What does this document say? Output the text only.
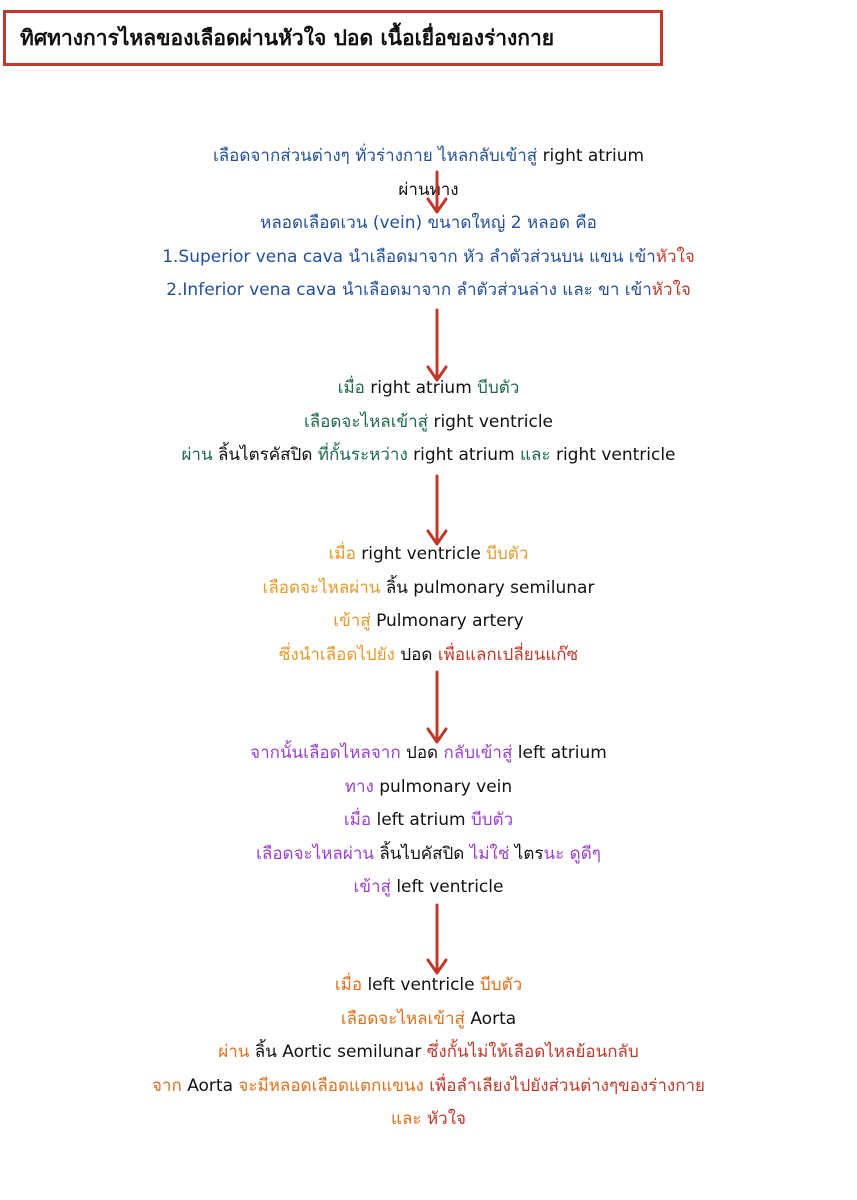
ทิศทางการไหลของเลือดผ่านหัวใจ ปอด เนื้อเยื่อของร่างกาย
เลือดจากส่วนต่างๆ ทั่วร่างกาย ไหลกลับเข้าสู่ right atrium
ผ่านทาง
หลอดเลือดเวน (vein) ขนาดใหญ่ 2 หลอด คือ
1.Superior vena cava นำเลือดมาจาก หัว ลำตัวส่วนบน แขน เข้าหัวใจ
2.Inferior vena cava นำเลือดมาจาก ลำตัวส่วนล่าง และ ขา เข้าหัวใจ
เมื่อ right atrium บีบตัว
เลือดจะไหลเข้าสู่ right ventricle
ผ่าน ลิ้นไตรคัสปิด ที่กั้นระหว่าง right atrium และ right ventricle
เมื่อ right ventricle บีบตัว
เลือดจะไหลผ่าน ลิ้น pulmonary semilunar
เข้าสู่ Pulmonary artery
ซึ่งนำเลือดไปยัง ปอด เพื่อแลกเปลี่ยนแก๊ซ
จากนั้นเลือดไหลจาก ปอด กลับเข้าสู่ left atrium
ทาง pulmonary vein
เมื่อ left atrium บีบตัว
เลือดจะไหลผ่าน ลิ้นไบคัสปิด ไม่ใช่ ไตรนะ ดูดีๆ
เข้าสู่ left ventricle
เมื่อ left ventricle บีบตัว
เลือดจะไหลเข้าสู่ Aorta
ผ่าน ลิ้น Aortic semilunar ซึ่งกั้นไม่ให้เลือดไหลย้อนกลับ
จาก Aorta จะมีหลอดเลือดแตกแขนง เพื่อลำเลียงไปยังส่วนต่างๆของร่างกาย
และ หัวใจ
